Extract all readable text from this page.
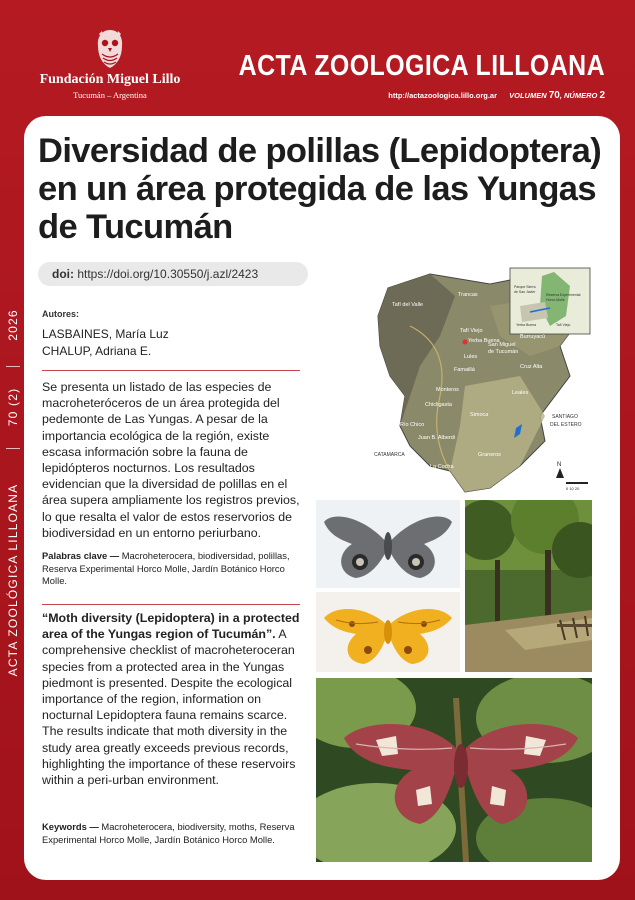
Fundación Miguel Lillo
Tucumán – Argentina
ACTA ZOOLOGICA LILLOANA
http://actazoologica.lillo.org.ar VOLUMEN 70, NÚMERO 2
2026
70 (2)
ACTA ZOOLÓGICA LILLOANA
Diversidad de polillas (Lepidoptera) en un área protegida de las Yungas de Tucumán
doi: https://doi.org/10.30550/j.azl/2423
Autores:
LASBAINES, María Luz
CHALUP, Adriana E.

Se presenta un listado de las especies de macroheteróceros de un área protegida del pedemonte de Las Yungas. A pesar de la importancia ecológica de la región, existe escasa información sobre la fauna de lepidópteros nocturnos. Los resultados evidencian que la diversidad de polillas en el área supera ampliamente los registros previos, lo que resalta el valor de estos reservorios de biodiversidad en un entorno periurbano.

Palabras clave — Macroheterocera, biodiversidad, polillas, Reserva Experimental Horco Molle, Jardín Botánico Horco Molle.

“Moth diversity (Lepidoptera) in a protected area of the Yungas region of Tucumán”. A comprehensive checklist of macroheteroceran species from a protected area in the Yungas piedmont is presented. Despite the ecological importance of the region, information on nocturnal Lepidoptera fauna remains scarce. The results indicate that moth diversity in the study area greatly exceeds previous records, highlighting the importance of these reservoirs within a peri-urban environment.

Keywords — Macroheterocera, biodiversity, moths, Reserva Experimental Horco Molle, Jardín Botánico Horco Molle.

Tafí del Valle
Trancas
Tafí Viejo
Yerba Buena
Lules
San Miguel
de Tucumán
Burruyacú
Famaillá	Cruz Alta
Monteros	Leales
Chicligasta
Simoca
Río Chico
Juan B. Alberdi
Graneros
La Cocha
SANTIAGO
DEL ESTERO
CATAMARCA
Parque Sierra
de San Javier
Reserva Experimental
Horco Molle
Yerba Buena	Tafí Viejo
N
0 10 20
